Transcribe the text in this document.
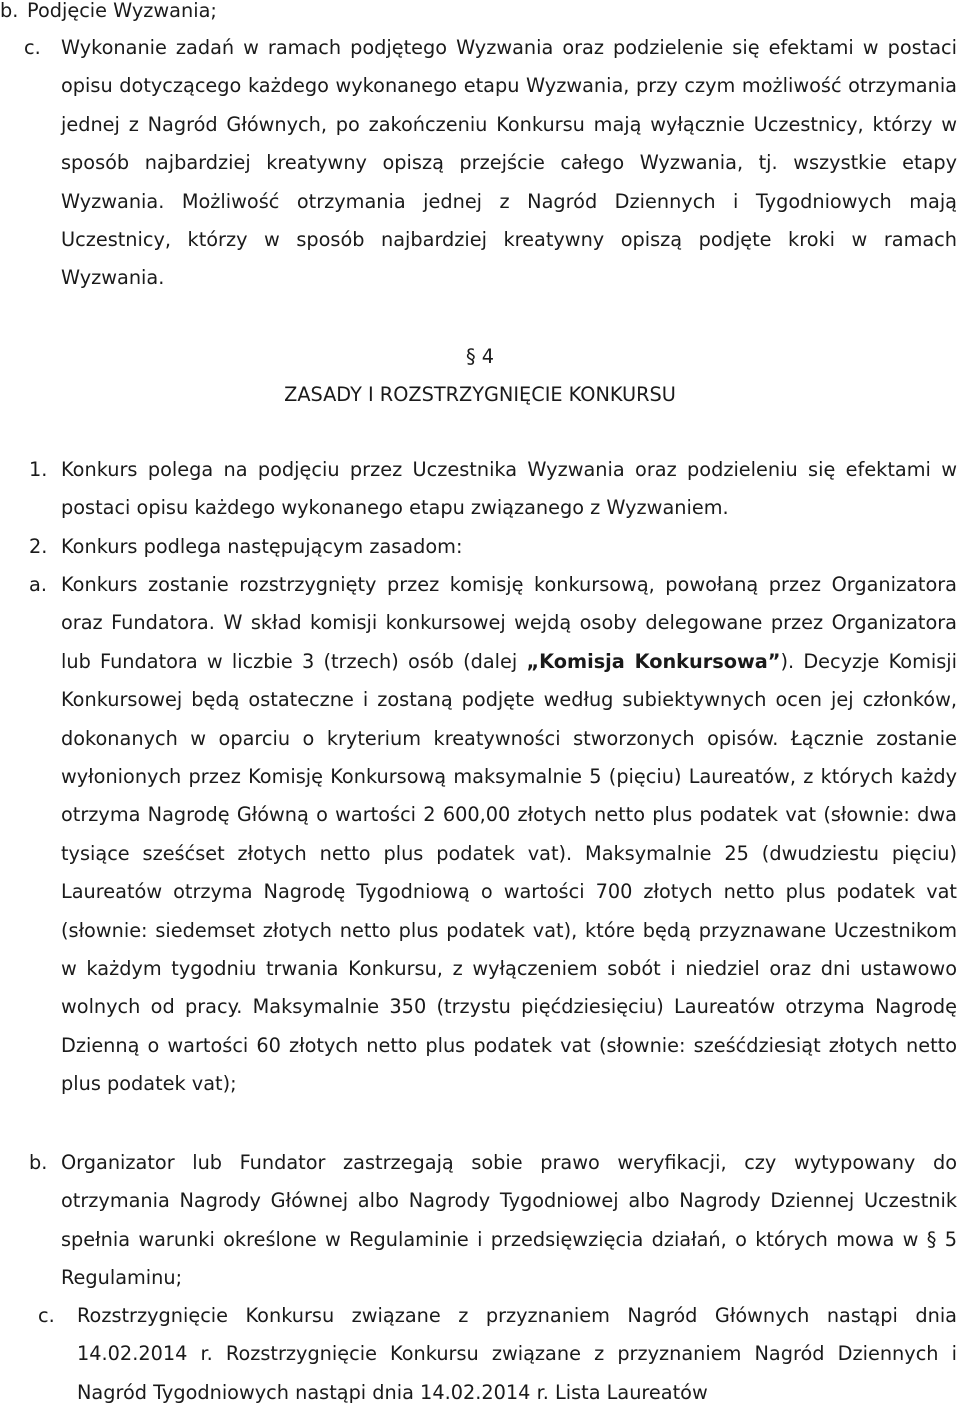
b. Podjęcie Wyzwania;
c. Wykonanie zadań w ramach podjętego Wyzwania oraz podzielenie się efektami w postaci opisu dotyczącego każdego wykonanego etapu Wyzwania, przy czym możliwość otrzymania jednej z Nagród Głównych, po zakończeniu Konkursu mają wyłącznie Uczestnicy, którzy w sposób najbardziej kreatywny opiszą przejście całego Wyzwania, tj. wszystkie etapy Wyzwania. Możliwość otrzymania jednej z Nagród Dziennych i Tygodniowych mają Uczestnicy, którzy w sposób najbardziej kreatywny opiszą podjęte kroki w ramach Wyzwania.
§ 4
ZASADY I ROZSTRZYGNIĘCIE KONKURSU
1. Konkurs polega na podjęciu przez Uczestnika Wyzwania oraz podzieleniu się efektami w postaci opisu każdego wykonanego etapu związanego z Wyzwaniem.
2. Konkurs podlega następującym zasadom:
a. Konkurs zostanie rozstrzygnięty przez komisję konkursową, powołaną przez Organizatora oraz Fundatora. W skład komisji konkursowej wejdą osoby delegowane przez Organizatora lub Fundatora w liczbie 3 (trzech) osób (dalej „Komisja Konkursowa”). Decyzje Komisji Konkursowej będą ostateczne i zostaną podjęte według subiektywnych ocen jej członków, dokonanych w oparciu o kryterium kreatywności stworzonych opisów. Łącznie zostanie wyłonionych przez Komisję Konkursową maksymalnie 5 (pięciu) Laureatów, z których każdy otrzyma Nagrodę Główną o wartości 2 600,00 złotych netto plus podatek vat (słownie: dwa tysiące sześćset złotych netto plus podatek vat). Maksymalnie 25 (dwudziestu pięciu) Laureatów otrzyma Nagrodę Tygodniową o wartości 700 złotych netto plus podatek vat (słownie: siedemset złotych netto plus podatek vat), które będą przyznawane Uczestnikom w każdym tygodniu trwania Konkursu, z wyłączeniem sobót i niedziel oraz dni ustawowo wolnych od pracy. Maksymalnie 350 (trzystu pięćdziesięciu) Laureatów otrzyma Nagrodę Dzienną o wartości 60 złotych netto plus podatek vat (słownie: sześćdziesiąt złotych netto plus podatek vat);
b. Organizator lub Fundator zastrzegają sobie prawo weryfikacji, czy wytypowany do otrzymania Nagrody Głównej albo Nagrody Tygodniowej albo Nagrody Dziennej Uczestnik spełnia warunki określone w Regulaminie i przedsięwzięcia działań, o których mowa w § 5 Regulaminu;
c. Rozstrzygnięcie Konkursu związane z przyznaniem Nagród Głównych nastąpi dnia 14.02.2014 r. Rozstrzygnięcie Konkursu związane z przyznaniem Nagród Dziennych i Nagród Tygodniowych nastąpi dnia 14.02.2014 r. Lista Laureatów
